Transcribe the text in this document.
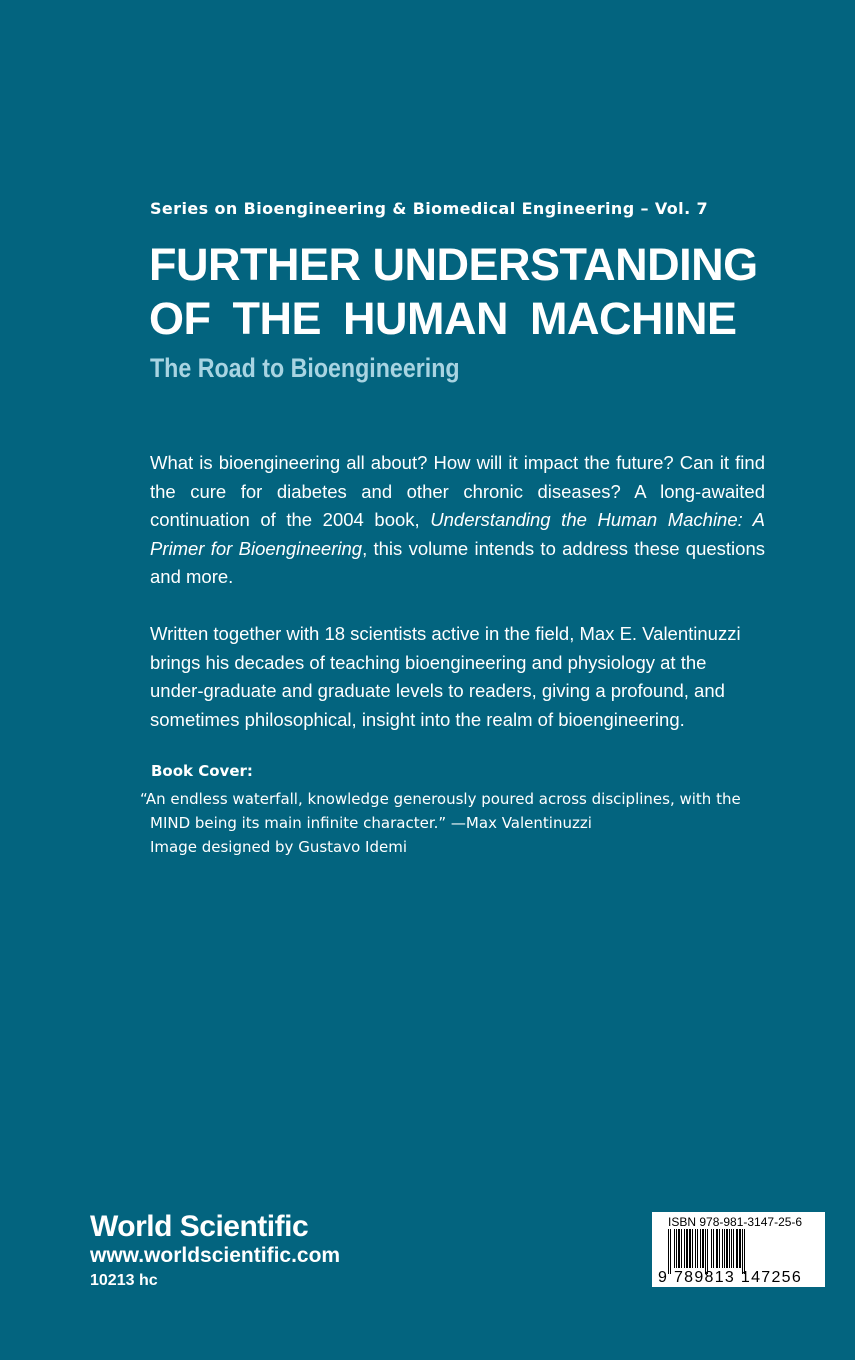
Series on Bioengineering & Biomedical Engineering – Vol. 7
FURTHER UNDERSTANDING
OF THE HUMAN MACHINE
The Road to Bioengineering
What is bioengineering all about? How will it impact the future? Can it find the cure for diabetes and other chronic diseases? A long-awaited continuation of the 2004 book, Understanding the Human Machine: A Primer for Bioengineering, this volume intends to address these questions and more.
Written together with 18 scientists active in the field, Max E. Valentinuzzi brings his decades of teaching bioengineering and physiology at the under-graduate and graduate levels to readers, giving a profound, and sometimes philosophical, insight into the realm of bioengineering.
Book Cover:
“An endless waterfall, knowledge generously poured across disciplines, with the
MIND being its main infinite character.” —Max Valentinuzzi
Image designed by Gustavo Idemi
World Scientific
www.worldscientific.com
10213 hc
ISBN 978-981-3147-25-6
9 789813 147256
